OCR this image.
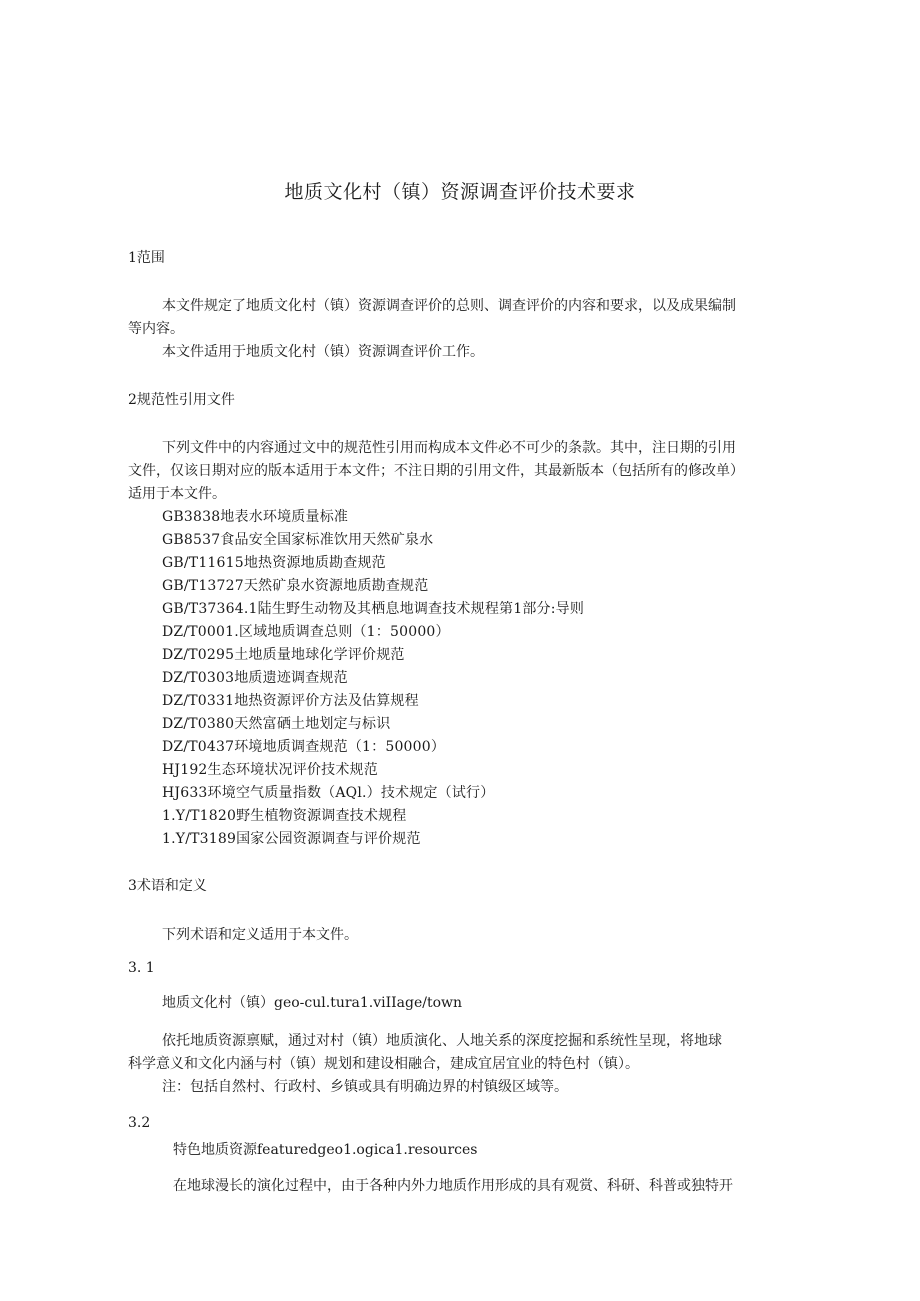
地质文化村（镇）资源调查评价技术要求

1范围

本文件规定了地质文化村（镇）资源调查评价的总则、调查评价的内容和要求，以及成果编制

等内容。

本文件适用于地质文化村（镇）资源调查评价工作。

2规范性引用文件

下列文件中的内容通过文中的规范性引用而构成本文件必不可少的条款。其中，注日期的引用

文件，仅该日期对应的版本适用于本文件；不注日期的引用文件，其最新版本（包括所有的修改单）

适用于本文件。

GB3838地表水环境质量标准

GB8537食品安全国家标准饮用天然矿泉水

GB/T11615地热资源地质勘查规范

GB/T13727天然矿泉水资源地质勘查规范

GB/T37364.1陆生野生动物及其栖息地调查技术规程第1部分:导则

DZ/T0001.区域地质调查总则（1：50000）

DZ/T0295土地质量地球化学评价规范

DZ/T0303地质遗迹调查规范

DZ/T0331地热资源评价方法及估算规程

DZ/T0380天然富硒土地划定与标识

DZ/T0437环境地质调查规范（1：50000）

HJ192生态环境状况评价技术规范

HJ633环境空气质量指数（AQl.）技术规定（试行）

1.Y/T1820野生植物资源调查技术规程

1.Y/T3189国家公园资源调查与评价规范

3术语和定义

下列术语和定义适用于本文件。

3. 1

地质文化村（镇）geo-cul.tura1.viIIage/town

依托地质资源禀赋，通过对村（镇）地质演化、人地关系的深度挖掘和系统性呈现，将地球

科学意义和文化内涵与村（镇）规划和建设相融合，建成宜居宜业的特色村（镇）。

注：包括自然村、行政村、乡镇或具有明确边界的村镇级区域等。

3.2

特色地质资源featuredgeo1.ogica1.resources

在地球漫长的演化过程中，由于各种内外力地质作用形成的具有观赏、科研、科普或独特开
